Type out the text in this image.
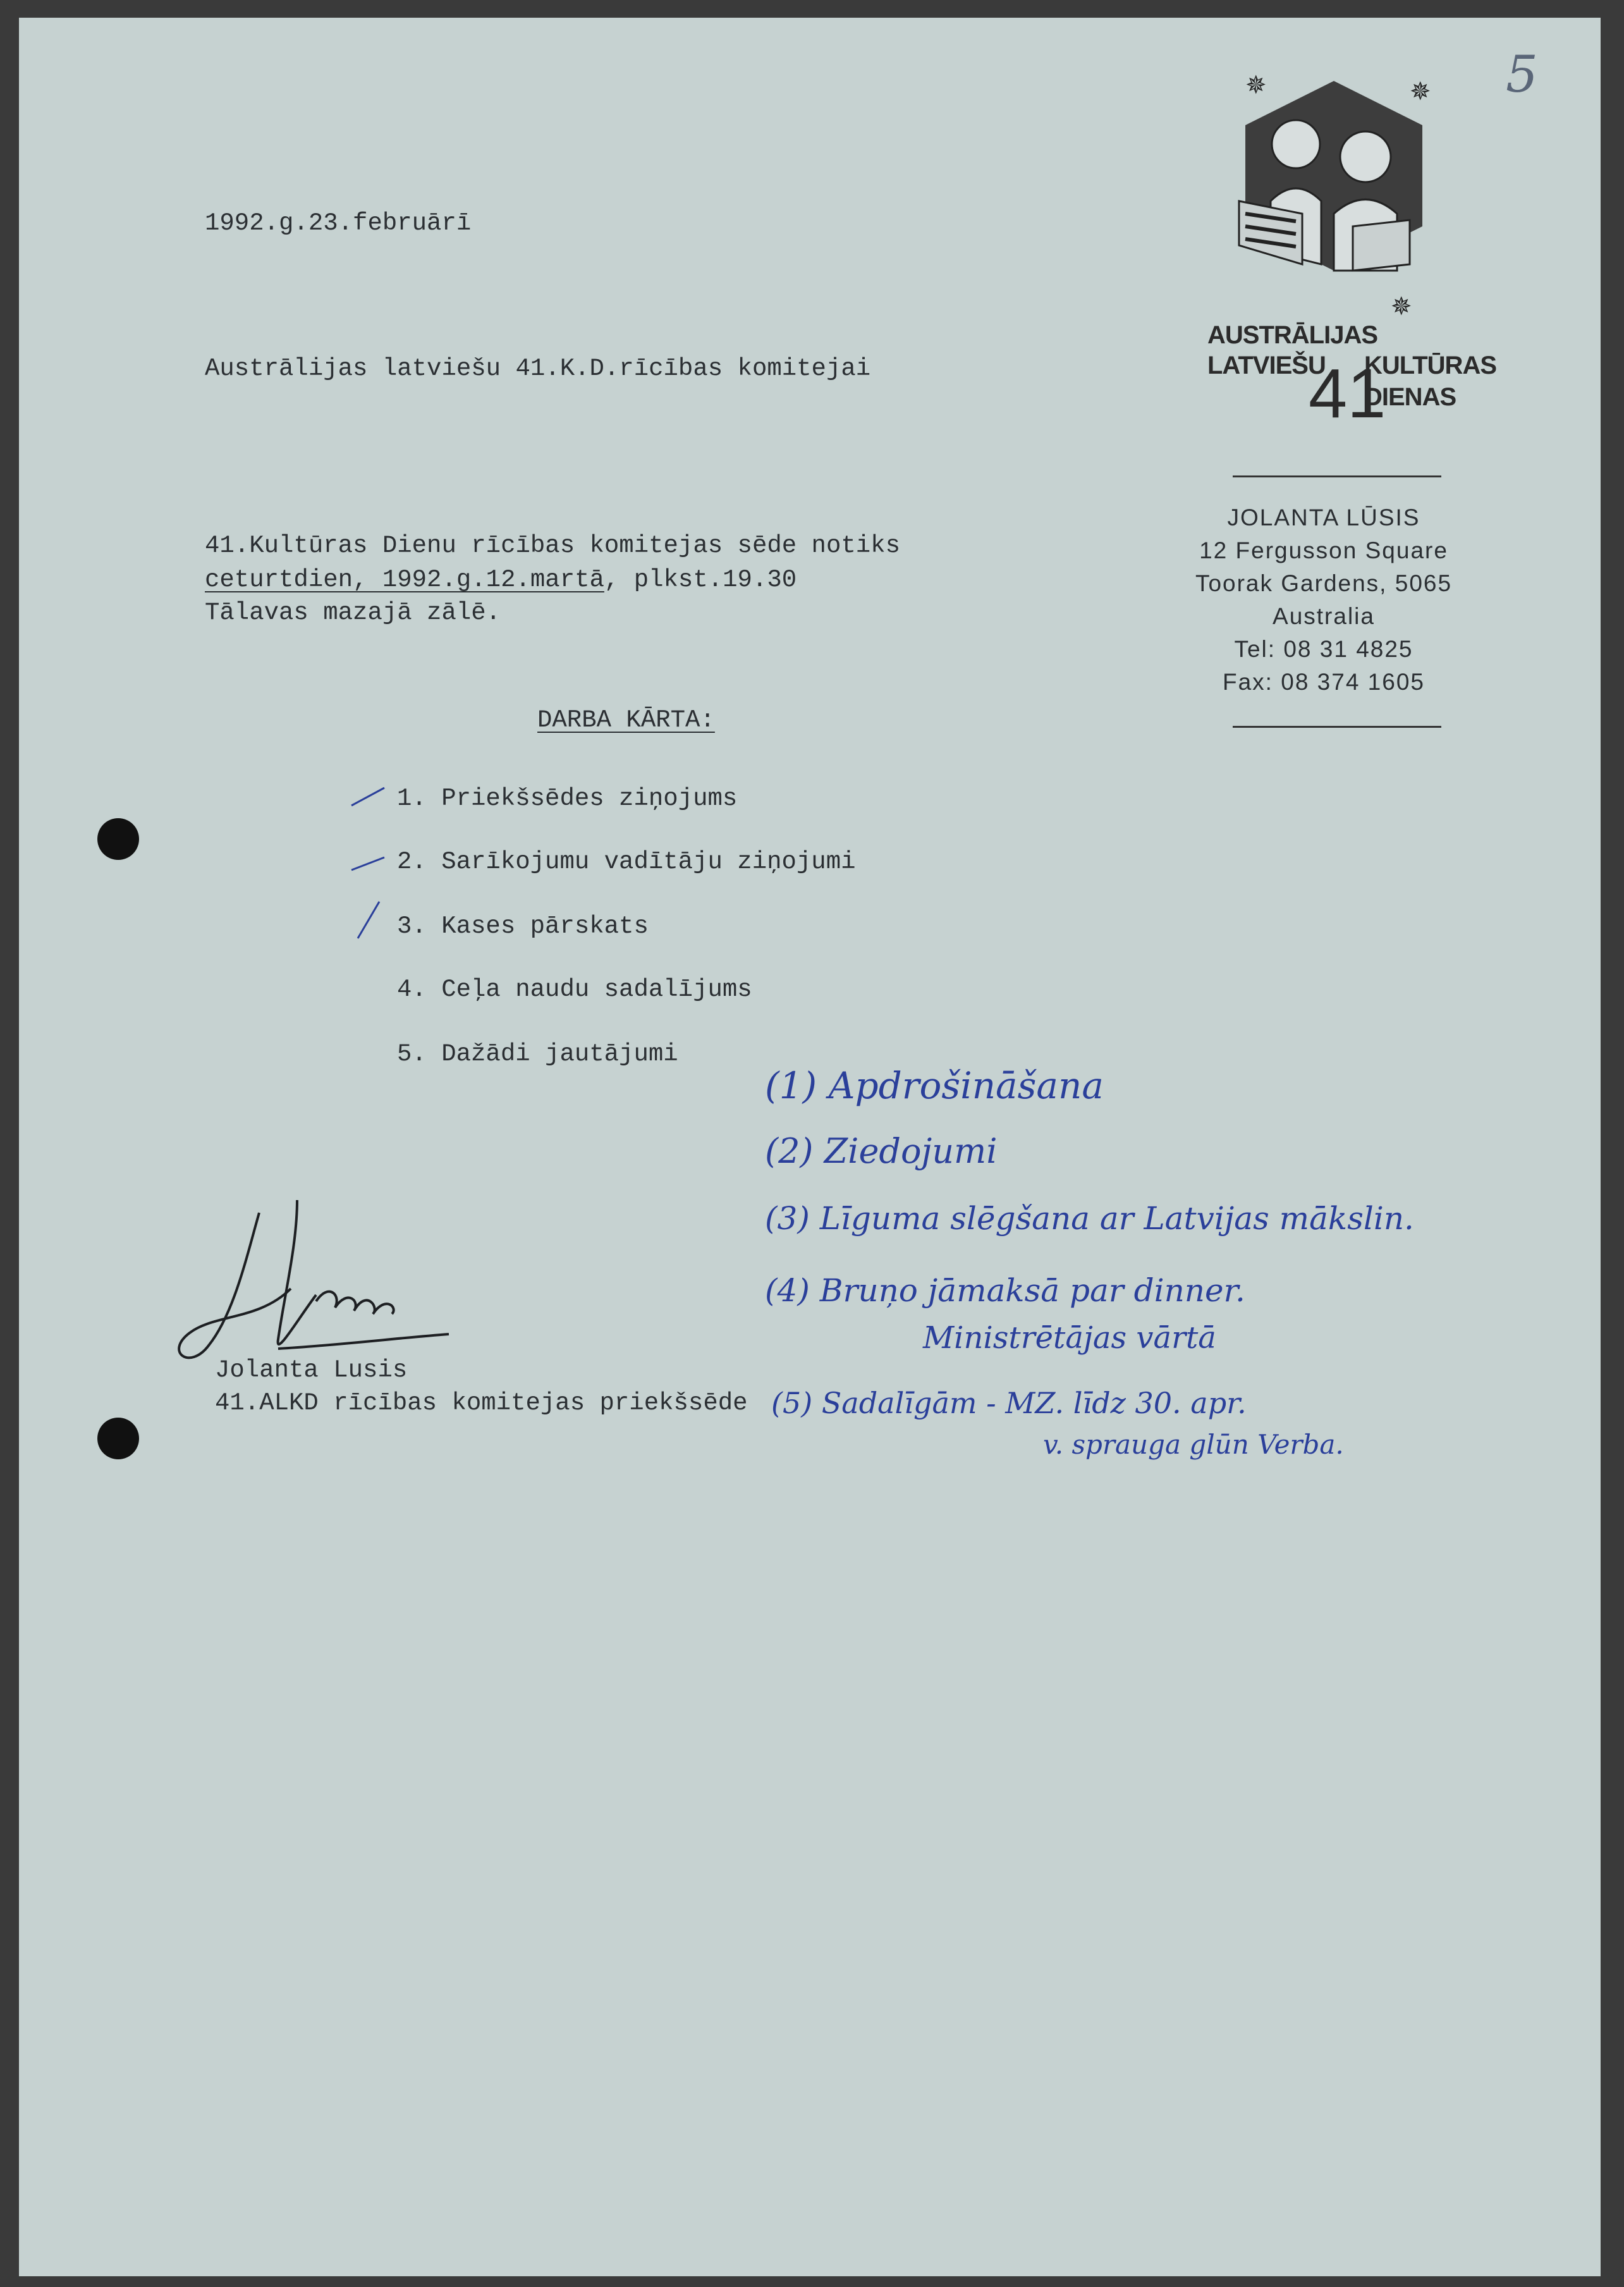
5
✵	✵
✵
AUSTRĀLIJAS
LATVIEŠU
41
KULTŪRAS
DIENAS
JOLANTA LŪSIS
12 Fergusson Square
Toorak Gardens, 5065
Australia
Tel: 08 31 4825
Fax: 08 374 1605
1992.g.23.februārī
Austrālijas latviešu 41.K.D.rīcības komitejai
41.Kultūras Dienu rīcības komitejas sēde notiks
ceturtdien, 1992.g.12.martā, plkst.19.30
Tālavas mazajā zālē.
DARBA KĀRTA:
1. Priekšsēdes ziņojums
2. Sarīkojumu vadītāju ziņojumi
3. Kases pārskats
4. Ceļa naudu sadalījums
5. Dažādi jautājumi
(1) Apdrošināšana
(2) Ziedojumi
(3) Līguma slēgšana ar Latvijas mākslin.
(4) Bruņo jāmaksā par dinner.
Ministrētājas vārtā
(5) Sadalīgām - MZ. līdz 30. apr.
v. sprauga glūn Verba.
Jolanta Lusis
41.ALKD rīcības komitejas priekšsēde
